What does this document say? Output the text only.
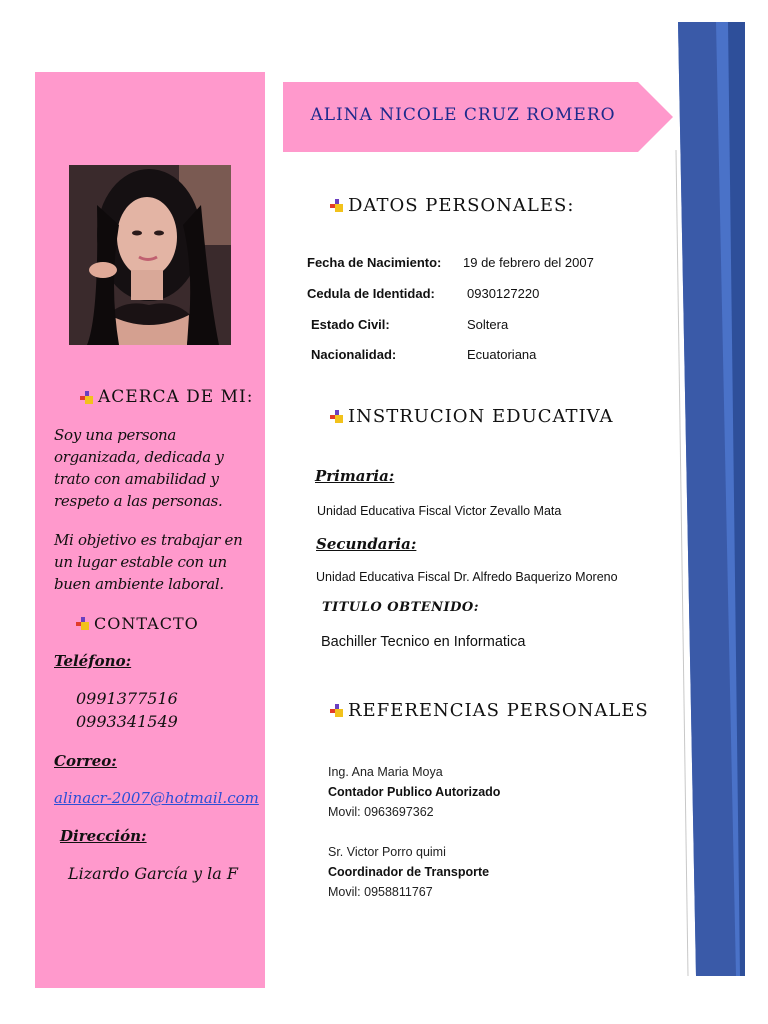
ACERCA DE MI:
Soy una persona organizada, dedicada y trato con amabilidad y respeto a las personas.
Mi objetivo es trabajar en un lugar estable con un buen ambiente laboral.
CONTACTO
Teléfono:
0991377516
0993341549
Correo:
alinacr-2007@hotmail.com
Dirección:
Lizardo García y la F
ALINA NICOLE CRUZ ROMERO
DATOS PERSONALES:
Fecha de Nacimiento: 19 de febrero del 2007
Cedula de Identidad: 0930127220
Estado Civil:	Soltera
Nacionalidad:	Ecuatoriana
INSTRUCION EDUCATIVA
Primaria:
Unidad Educativa Fiscal Victor Zevallo Mata
Secundaria:
Unidad Educativa Fiscal Dr. Alfredo Baquerizo Moreno
TITULO OBTENIDO:
Bachiller Tecnico en Informatica
REFERENCIAS PERSONALES
Ing. Ana Maria Moya
Contador Publico Autorizado
Movil: 0963697362
Sr. Victor Porro quimi
Coordinador de Transporte
Movil: 0958811767
